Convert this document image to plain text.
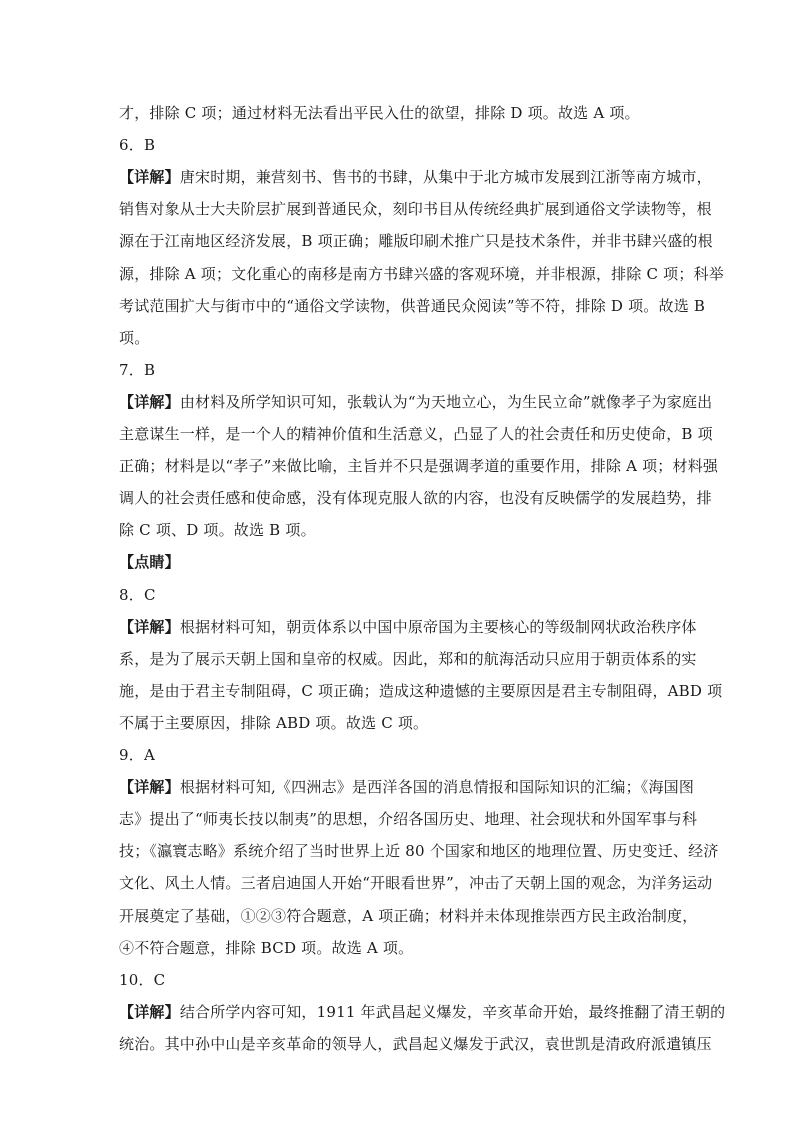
才，排除 C 项；通过材料无法看出平民入仕的欲望，排除 D 项。故选 A 项。
6．B
【详解】唐宋时期，兼营刻书、售书的书肆，从集中于北方城市发展到江浙等南方城市，
销售对象从士大夫阶层扩展到普通民众，刻印书目从传统经典扩展到通俗文学读物等，根
源在于江南地区经济发展，B 项正确；雕版印刷术推广只是技术条件，并非书肆兴盛的根
源，排除 A 项；文化重心的南移是南方书肆兴盛的客观环境，并非根源，排除 C 项；科举
考试范围扩大与街市中的“通俗文学读物，供普通民众阅读”等不符，排除 D 项。故选 B
项。
7．B
【详解】由材料及所学知识可知，张载认为“为天地立心，为生民立命”就像孝子为家庭出
主意谋生一样，是一个人的精神价值和生活意义，凸显了人的社会责任和历史使命，B 项
正确；材料是以“孝子”来做比喻，主旨并不只是强调孝道的重要作用，排除 A 项；材料强
调人的社会责任感和使命感，没有体现克服人欲的内容，也没有反映儒学的发展趋势，排
除 C 项、D 项。故选 B 项。
【点睛】
8．C
【详解】根据材料可知，朝贡体系以中国中原帝国为主要核心的等级制网状政治秩序体
系，是为了展示天朝上国和皇帝的权威。因此，郑和的航海活动只应用于朝贡体系的实
施，是由于君主专制阻碍，C 项正确；造成这种遗憾的主要原因是君主专制阻碍，ABD 项
不属于主要原因，排除 ABD 项。故选 C 项。
9．A
【详解】根据材料可知,《四洲志》是西洋各国的消息情报和国际知识的汇编；《海国图
志》提出了“师夷长技以制夷”的思想，介绍各国历史、地理、社会现状和外国军事与科
技；《瀛寰志略》系统介绍了当时世界上近 80 个国家和地区的地理位置、历史变迁、经济
文化、风土人情。三者启迪国人开始“开眼看世界”，冲击了天朝上国的观念，为洋务运动
开展奠定了基础，①②③符合题意，A 项正确；材料并未体现推崇西方民主政治制度，
④不符合题意，排除 BCD 项。故选 A 项。
10．C
【详解】结合所学内容可知，1911 年武昌起义爆发，辛亥革命开始，最终推翻了清王朝的
统治。其中孙中山是辛亥革命的领导人，武昌起义爆发于武汉，袁世凯是清政府派遣镇压
